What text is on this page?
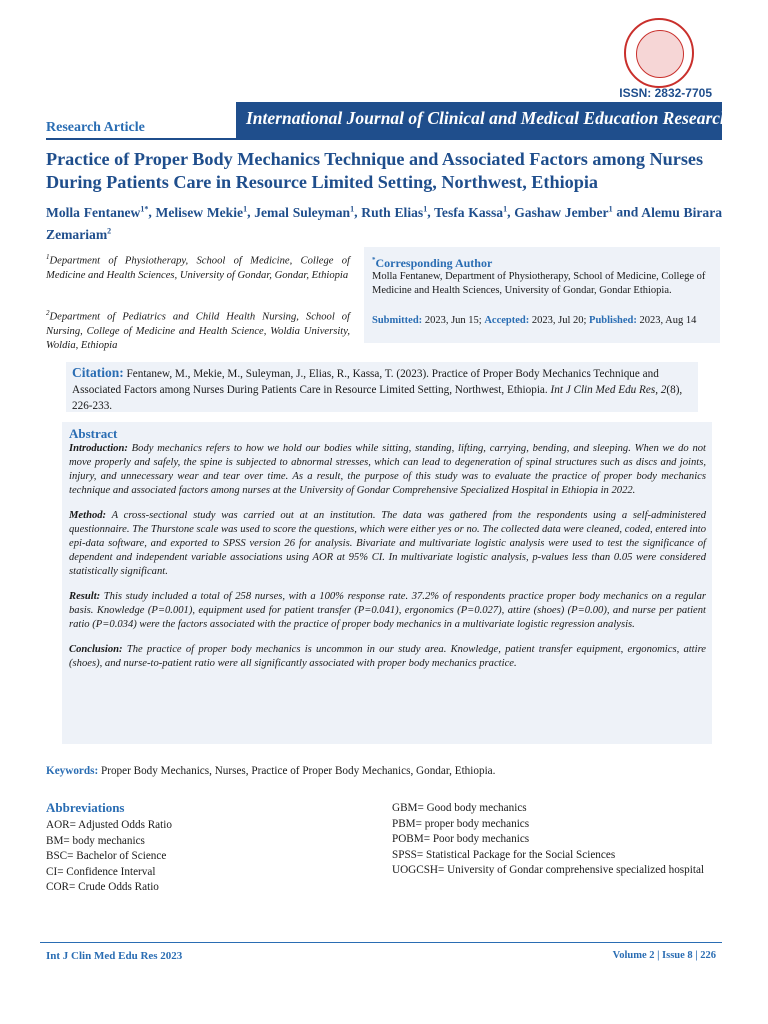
ISSN: 2832-7705
Research Article	International Journal of Clinical and Medical Education Research
Practice of Proper Body Mechanics Technique and Associated Factors among Nurses During Patients Care in Resource Limited Setting, Northwest, Ethiopia
Molla Fentanew$^{1*}$, Melisew Mekie$^1$, Jemal Suleyman$^1$, Ruth Elias$^1$, Tesfa Kassa$^1$, Gashaw Jember$^1$ and Alemu Birara Zemariam$^2$
$^1$Department of Physiotherapy, School of Medicine, College of Medicine and Health Sciences, University of Gondar, Gondar, Ethiopia
$^2$Department of Pediatrics and Child Health Nursing, School of Nursing, College of Medicine and Health Science, Woldia University, Woldia, Ethiopia
*Corresponding Author
Molla Fentanew, Department of Physiotherapy, School of Medicine, College of Medicine and Health Sciences, University of Gondar, Gondar Ethiopia.
Submitted: 2023, Jun 15; Accepted: 2023, Jul 20; Published: 2023, Aug 14
Citation: Fentanew, M., Mekie, M., Suleyman, J., Elias, R., Kassa, T. (2023). Practice of Proper Body Mechanics Technique and Associated Factors among Nurses During Patients Care in Resource Limited Setting, Northwest, Ethiopia. Int J Clin Med Edu Res, 2(8), 226-233.
Abstract

Introduction: Body mechanics refers to how we hold our bodies while sitting, standing, lifting, carrying, bending, and sleeping. When we do not move properly and safely, the spine is subjected to abnormal stresses, which can lead to degeneration of spinal structures such as discs and joints, injury, and unnecessary wear and tear over time. As a result, the purpose of this study was to evaluate the practice of proper body mechanics technique and associated factors among nurses at the University of Gondar Comprehensive Specialized Hospital in Ethiopia in 2022.

Method: A cross-sectional study was carried out at an institution. The data was gathered from the respondents using a self-administered questionnaire. The Thurstone scale was used to score the questions, which were either yes or no. The collected data were cleaned, coded, entered into epi-data software, and exported to SPSS version 26 for analysis. Bivariate and multivariate logistic analysis were used to test the significance of dependent and independent variable associations using AOR at 95% CI. In multivariate logistic analysis, p-values less than 0.05 were considered statistically significant.

Result: This study included a total of 258 nurses, with a 100% response rate. 37.2% of respondents practice proper body mechanics on a regular basis. Knowledge (P=0.001), equipment used for patient transfer (P=0.041), ergonomics (P=0.027), attire (shoes) (P=0.00), and nurse per patient ratio (P=0.034) were the factors associated with the practice of proper body mechanics in a multivariate logistic regression analysis.

Conclusion: The practice of proper body mechanics is uncommon in our study area. Knowledge, patient transfer equipment, ergonomics, attire (shoes), and nurse-to-patient ratio were all significantly associated with proper body mechanics practice.

Keywords: Proper Body Mechanics, Nurses, Practice of Proper Body Mechanics, Gondar, Ethiopia.
Abbreviations
AOR= Adjusted Odds Ratio
BM= body mechanics
BSC= Bachelor of Science
CI= Confidence Interval
COR= Crude Odds Ratio
GBM= Good body mechanics
PBM= proper body mechanics
POBM= Poor body mechanics
SPSS= Statistical Package for the Social Sciences
UOGCSH= University of Gondar comprehensive specialized hospital
Int J Clin Med Edu Res 2023	Volume 2 | Issue 8 | 226
